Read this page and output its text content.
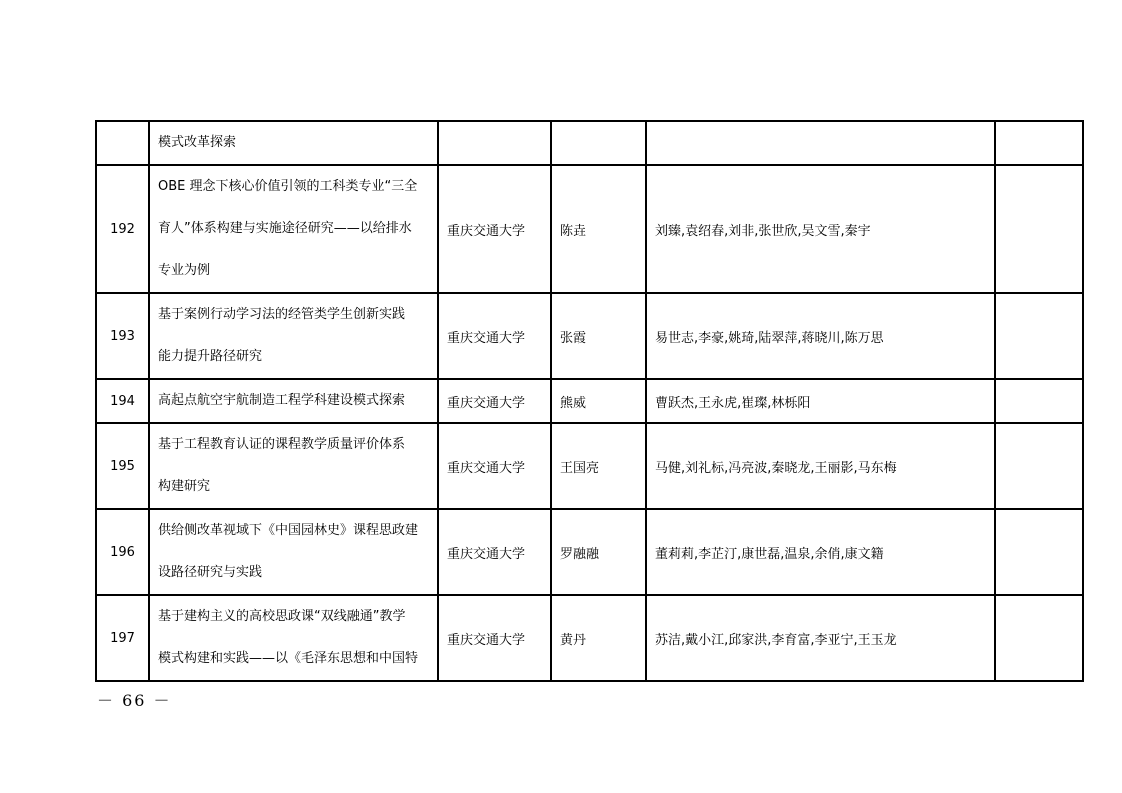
	模式改革探索				

192	OBE 理念下核心价值引领的工科类专业“三全
育人”体系构建与实施途径研究——以给排水
专业为例	重庆交通大学	陈垚	刘臻,袁绍春,刘非,张世欣,吴文雪,秦宇	
193	基于案例行动学习法的经管类学生创新实践
能力提升路径研究	重庆交通大学	张霞	易世志,李豪,姚琦,陆翠萍,蒋晓川,陈万思	
194	高起点航空宇航制造工程学科建设模式探索	重庆交通大学	熊威	曹跃杰,王永虎,崔璨,林栎阳	
195	基于工程教育认证的课程教学质量评价体系
构建研究	重庆交通大学	王国亮	马健,刘礼标,冯亮波,秦晓龙,王丽影,马东梅	
196	供给侧改革视域下《中国园林史》课程思政建
设路径研究与实践	重庆交通大学	罗融融	董莉莉,李芷汀,康世磊,温泉,余俏,康文籍	
197	基于建构主义的高校思政课“双线融通”教学
模式构建和实践——以《毛泽东思想和中国特	重庆交通大学	黄丹	苏洁,戴小江,邱家洪,李育富,李亚宁,王玉龙	
－ 66 －
